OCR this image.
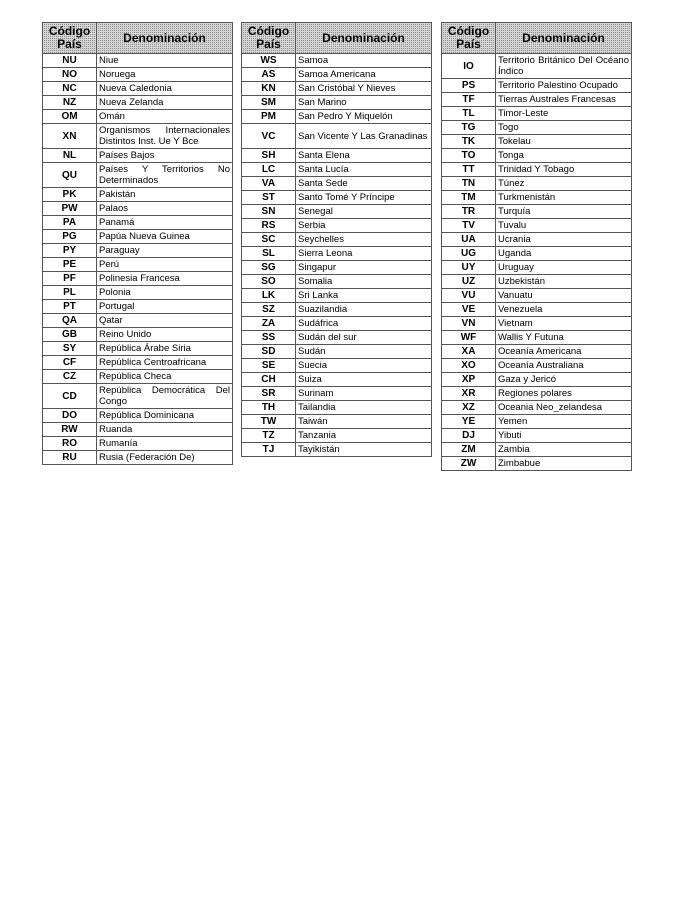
Código País	Denominación
NU	Niue
NO	Noruega
NC	Nueva Caledonia
NZ	Nueva Zelanda
OM	Omán
XN	Organismos Internacionales Distintos Inst. Ue Y Bce
NL	Países Bajos
QU	Países Y Territorios No Determinados
PK	Pakistán
PW	Palaos
PA	Panamá
PG	Papúa Nueva Guinea
PY	Paraguay
PE	Perú
PF	Polinesia Francesa
PL	Polonia
PT	Portugal
QA	Qatar
GB	Reino Unido
SY	República Árabe Siria
CF	República Centroafricana
CZ	República Checa
CD	República Democrática Del Congo
DO	República Dominicana
RW	Ruanda
RO	Rumanía
RU	Rusia (Federación De)
Código País	Denominación
WS	Samoa
AS	Samoa Americana
KN	San Cristóbal Y Nieves
SM	San Marino
PM	San Pedro Y Miquelón
VC	San Vicente Y Las Granadinas
SH	Santa Elena
LC	Santa Lucía
VA	Santa Sede
ST	Santo Tomé Y Príncipe
SN	Senegal
RS	Serbia
SC	Seychelles
SL	Sierra Leona
SG	Singapur
SO	Somalia
LK	Sri Lanka
SZ	Suazilandia
ZA	Sudáfrica
SS	Sudán del sur
SD	Sudán
SE	Suecia
CH	Suiza
SR	Surinam
TH	Tailandia
TW	Taiwán
TZ	Tanzania
TJ	Tayikistán
Código País	Denominación
IO	Territorio Británico Del Océano Índico
PS	Territorio Palestino Ocupado
TF	Tierras Australes Francesas
TL	Timor-Leste
TG	Togo
TK	Tokelau
TO	Tonga
TT	Trinidad Y Tobago
TN	Túnez
TM	Turkmenistán
TR	Turquía
TV	Tuvalu
UA	Ucrania
UG	Uganda
UY	Uruguay
UZ	Uzbekistán
VU	Vanuatu
VE	Venezuela
VN	Vietnam
WF	Wallis Y Futuna
XA	Oceanía Americana
XO	Oceanía Australiana
XP	Gaza y Jericó
XR	Regiones polares
XZ	Oceania Neo_zelandesa
YE	Yemen
DJ	Yibuti
ZM	Zambia
ZW	Zimbabue
